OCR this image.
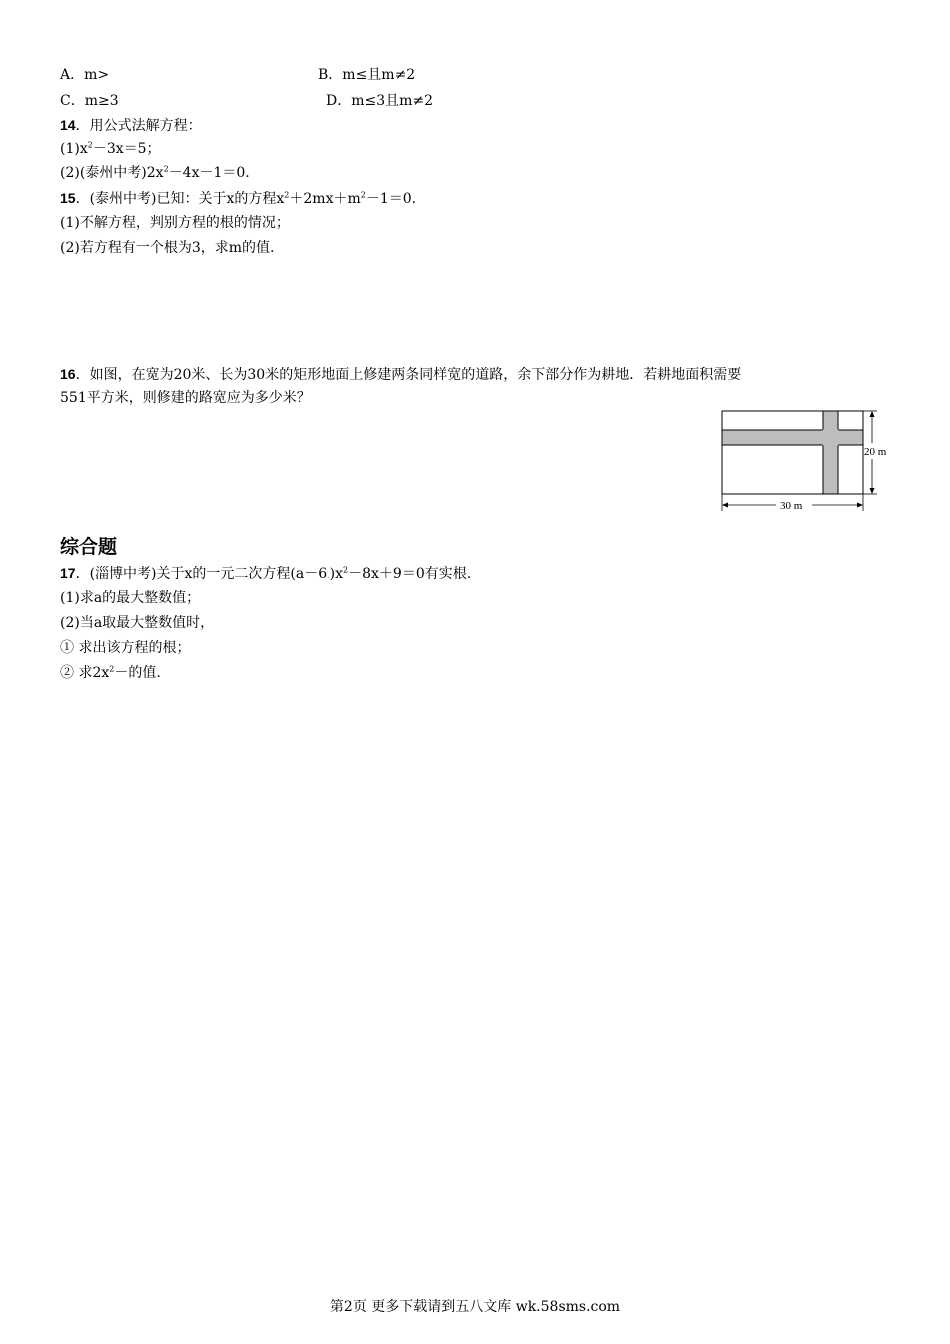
A．m>	B．m≤且m≠2
C．m≥3	D．m≤3且m≠2
14．用公式法解方程：
$(1)x^2-3x=5$；
(2)(泰州中考)$2x^2-4x-1=0$.
15．(泰州中考)已知：关于x的方程$x^2+2mx+m^2-1=0$.
(1)不解方程，判别方程的根的情况；
(2)若方程有一个根为3，求m的值.
16．如图，在宽为20米、长为30米的矩形地面上修建两条同样宽的道路，余下部分作为耕地．若耕地面积需要
551平方米，则修建的路宽应为多少米？
20 m
30 m
综合题
17．(淄博中考)关于x的一元二次方程$(a-6.)x^2-8x+9=0$有实根.
(1)求a的最大整数值；
(2)当a取最大整数值时，
① 求出该方程的根；
② 求$2x^2-$的值.
第2页 更多下载请到五八文库 wk.58sms.com
